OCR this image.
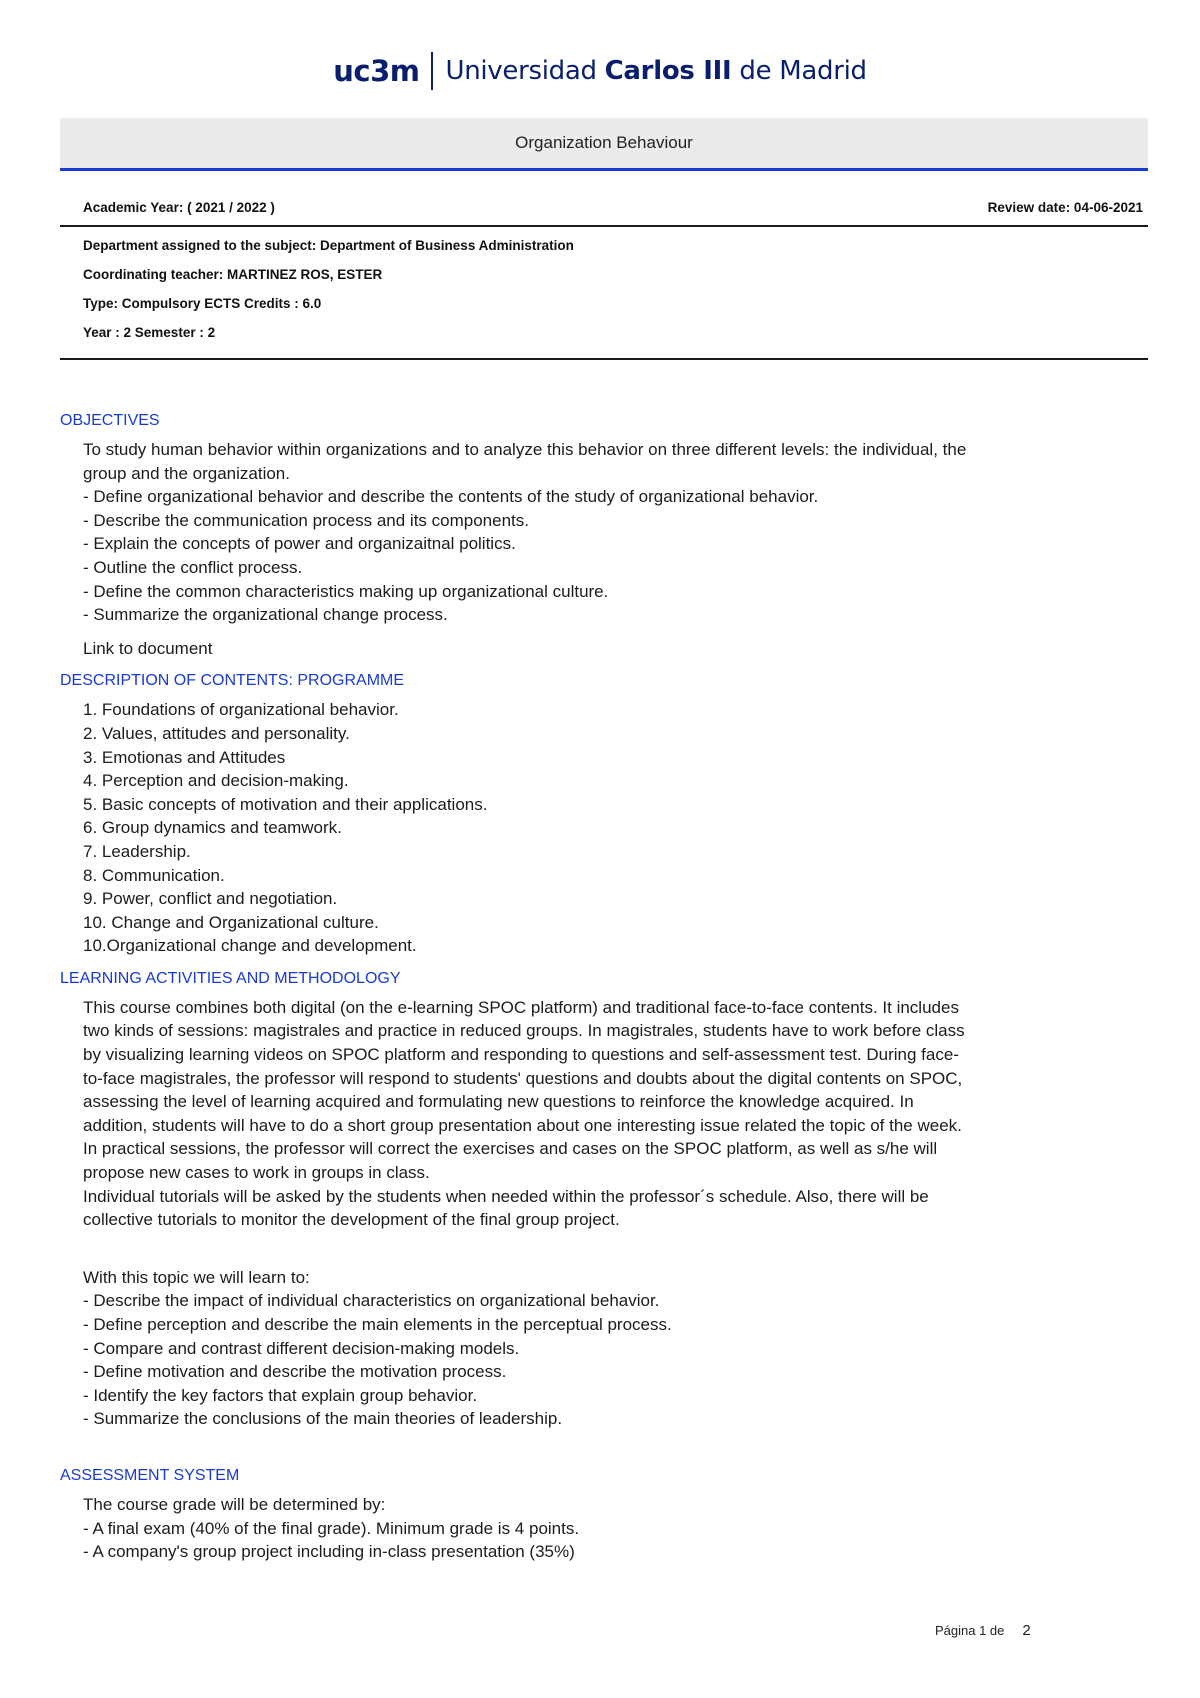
uc3m	Universidad Carlos III de Madrid
Organization Behaviour
Academic Year: ( 2021 / 2022 )	Review date: 04-06-2021
Department assigned to the subject: Department of Business Administration
Coordinating teacher: MARTINEZ ROS, ESTER
Type: Compulsory ECTS Credits : 6.0
Year : 2 Semester : 2
OBJECTIVES
To study human behavior within organizations and to analyze this behavior on three different levels: the individual, the
group and the organization.
- Define organizational behavior and describe the contents of the study of organizational behavior.
- Describe the communication process and its components.
- Explain the concepts of power and organizaitnal politics.
- Outline the conflict process.
- Define the common characteristics making up organizational culture.
- Summarize the organizational change process.
Link to document
DESCRIPTION OF CONTENTS: PROGRAMME
1. Foundations of organizational behavior.
2. Values, attitudes and personality.
3. Emotionas and Attitudes
4. Perception and decision-making.
5. Basic concepts of motivation and their applications.
6. Group dynamics and teamwork.
7. Leadership.
8. Communication.
9. Power, conflict and negotiation.
10. Change and Organizational culture.
10.Organizational change and development.
LEARNING ACTIVITIES AND METHODOLOGY
This course combines both digital (on the e-learning SPOC platform) and traditional face-to-face contents. It includes
two kinds of sessions: magistrales and practice in reduced groups. In magistrales, students have to work before class
by visualizing learning videos on SPOC platform and responding to questions and self-assessment test. During face-
to-face magistrales, the professor will respond to students' questions and doubts about the digital contents on SPOC,
assessing the level of learning acquired and formulating new questions to reinforce the knowledge acquired. In
addition, students will have to do a short group presentation about one interesting issue related the topic of the week.
In practical sessions, the professor will correct the exercises and cases on the SPOC platform, as well as s/he will
propose new cases to work in groups in class.
Individual tutorials will be asked by the students when needed within the professor´s schedule. Also, there will be
collective tutorials to monitor the development of the final group project.
With this topic we will learn to:
- Describe the impact of individual characteristics on organizational behavior.
- Define perception and describe the main elements in the perceptual process.
- Compare and contrast different decision-making models.
- Define motivation and describe the motivation process.
- Identify the key factors that explain group behavior.
- Summarize the conclusions of the main theories of leadership.
ASSESSMENT SYSTEM
The course grade will be determined by:
- A final exam (40% of the final grade). Minimum grade is 4 points.
- A company's group project including in-class presentation (35%)
Página 1 de 2
